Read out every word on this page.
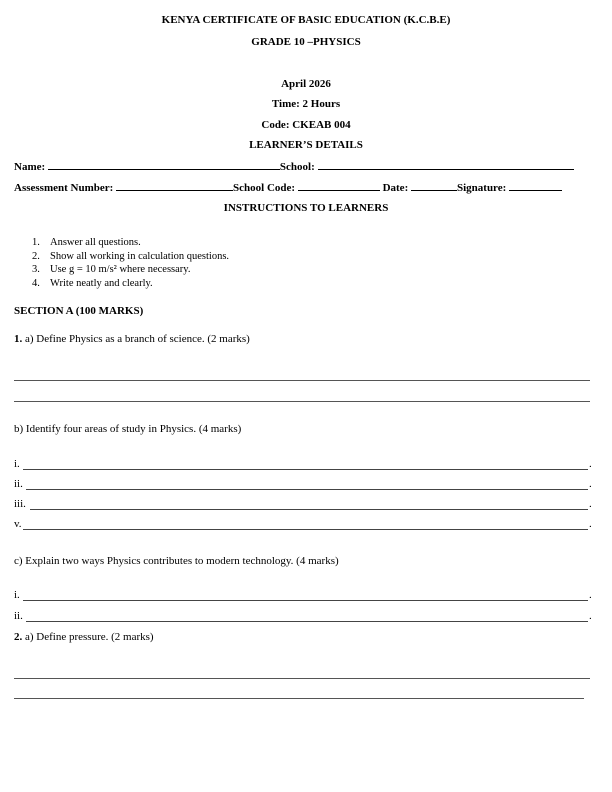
KENYA CERTIFICATE OF BASIC EDUCATION (K.C.B.E)
GRADE 10 –PHYSICS
April 2026
Time: 2 Hours
Code: CKEAB 004
LEARNER’S DETAILS
Name:	School:
Assessment Number:	School Code:	Date:	Signature:
INSTRUCTIONS TO LEARNERS
1. Answer all questions.
2. Show all working in calculation questions.
3. Use g = 10 m/s² where necessary.
4. Write neatly and clearly.
SECTION A (100 MARKS)
1. a) Define Physics as a branch of science. (2 marks)
b) Identify four areas of study in Physics. (4 marks)
i.	.
ii.	.
iii.	.
v.	.
c) Explain two ways Physics contributes to modern technology. (4 marks)
i.	.
ii.	.
2. a) Define pressure. (2 marks)
